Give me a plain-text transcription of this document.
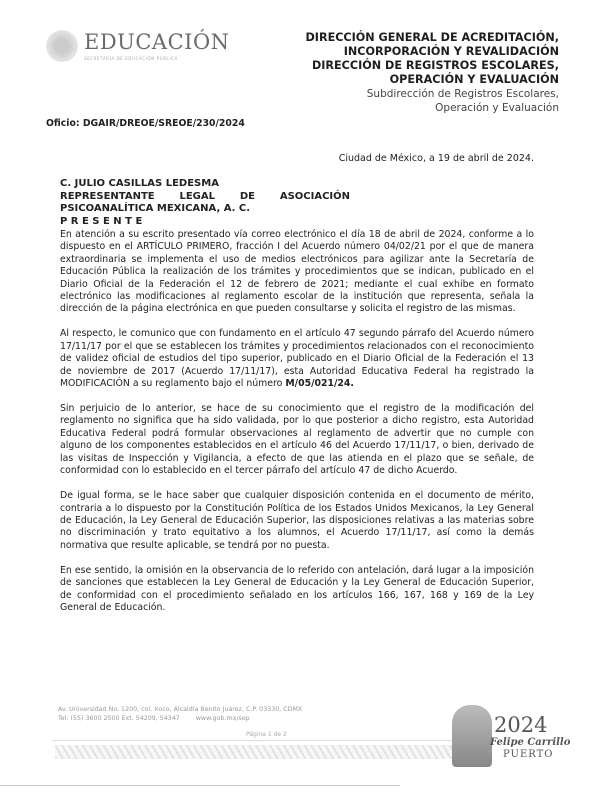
EDUCACIÓN
SECRETARÍA DE EDUCACIÓN PÚBLICA
DIRECCIÓN GENERAL DE ACREDITACIÓN,
INCORPORACIÓN Y REVALIDACIÓN
DIRECCIÓN DE REGISTROS ESCOLARES,
OPERACIÓN Y EVALUACIÓN
Subdirección de Registros Escolares,
Operación y Evaluación
Oficio: DGAIR/DREOE/SREOE/230/2024
Ciudad de México, a 19 de abril de 2024.
C. JULIO CASILLAS LEDESMA
REPRESENTANTE LEGAL DE ASOCIACIÓN
PSICOANALÍTICA MEXICANA, A. C.
P R E S E N T E

En atención a su escrito presentado vía correo electrónico el día 18 de abril de 2024, conforme a lo dispuesto en el ARTÍCULO PRIMERO, fracción I del Acuerdo número 04/02/21 por el que de manera extraordinaria se implementa el uso de medios electrónicos para agilizar ante la Secretaría de Educación Pública la realización de los trámites y procedimientos que se indican, publicado en el Diario Oficial de la Federación el 12 de febrero de 2021; mediante el cual exhibe en formato electrónico las modificaciones al reglamento escolar de la institución que representa, señala la dirección de la página electrónica en que pueden consultarse y solicita el registro de las mismas.

Al respecto, le comunico que con fundamento en el artículo 47 segundo párrafo del Acuerdo número 17/11/17 por el que se establecen los trámites y procedimientos relacionados con el reconocimiento de validez oficial de estudios del tipo superior, publicado en el Diario Oficial de la Federación el 13 de noviembre de 2017 (Acuerdo 17/11/17), esta Autoridad Educativa Federal ha registrado la MODIFICACIÓN a su reglamento bajo el número M/05/021/24.

Sin perjuicio de lo anterior, se hace de su conocimiento que el registro de la modificación del reglamento no significa que ha sido validada, por lo que posterior a dicho registro, esta Autoridad Educativa Federal podrá formular observaciones al reglamento de advertir que no cumple con alguno de los componentes establecidos en el artículo 46 del Acuerdo 17/11/17, o bien, derivado de las visitas de Inspección y Vigilancia, a efecto de que las atienda en el plazo que se señale, de conformidad con lo establecido en el tercer párrafo del artículo 47 de dicho Acuerdo.

De igual forma, se le hace saber que cualquier disposición contenida en el documento de mérito, contraria a lo dispuesto por la Constitución Política de los Estados Unidos Mexicanos, la Ley General de Educación, la Ley General de Educación Superior, las disposiciones relativas a las materias sobre no discriminación y trato equitativo a los alumnos, el Acuerdo 17/11/17, así como la demás normativa que resulte aplicable, se tendrá por no puesta.

En ese sentido, la omisión en la observancia de lo referido con antelación, dará lugar a la imposición de sanciones que establecen la Ley General de Educación y la Ley General de Educación Superior, de conformidad con el procedimiento señalado en los artículos 166, 167, 168 y 169 de la Ley General de Educación.

Av. Universidad No. 1200, col. Xoco, Alcaldía Benito Juárez, C.P. 03330, CDMX
Tel: (55) 3600 2500 Ext. 54209, 54347	www.gob.mx/sep
Página 1 de 2	2024
Felipe Carrillo
PUERTO
